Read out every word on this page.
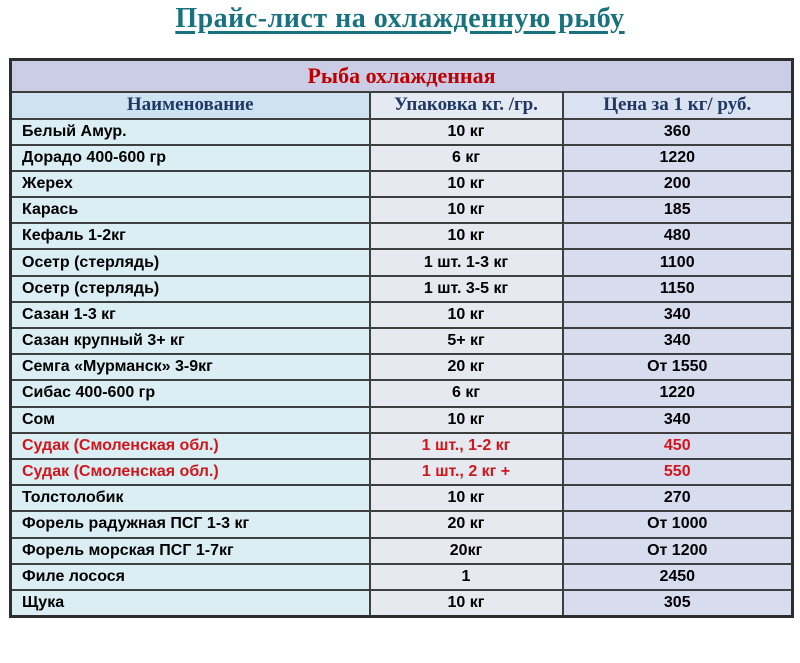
Прайс-лист на охлажденную рыбу
Рыба охлажденная		
Наименование	Упаковка кг. /гр.	Цена за 1 кг/ руб.
Белый Амур.	10 кг	360
Дорадо 400-600 гр	6 кг	1220
Жерех	10 кг	200
Карась	10 кг	185
Кефаль 1-2кг	10 кг	480
Осетр (стерлядь)	1 шт. 1-3 кг	1100
Осетр (стерлядь)	1 шт. 3-5 кг	1150
Сазан 1-3 кг	10 кг	340
Сазан крупный 3+ кг	5+ кг	340
Семга «Мурманск» 3-9кг	20 кг	От 1550
Сибас 400-600 гр	6 кг	1220
Сом	10 кг	340
Судак (Смоленская обл.)	1 шт., 1-2 кг	450
Судак (Смоленская обл.)	1 шт., 2 кг +	550
Толстолобик	10 кг	270
Форель радужная ПСГ 1-3 кг	20 кг	От 1000
Форель морская ПСГ 1-7кг	20кг	От 1200
Филе лосося	1	2450
Щука	10 кг	305
